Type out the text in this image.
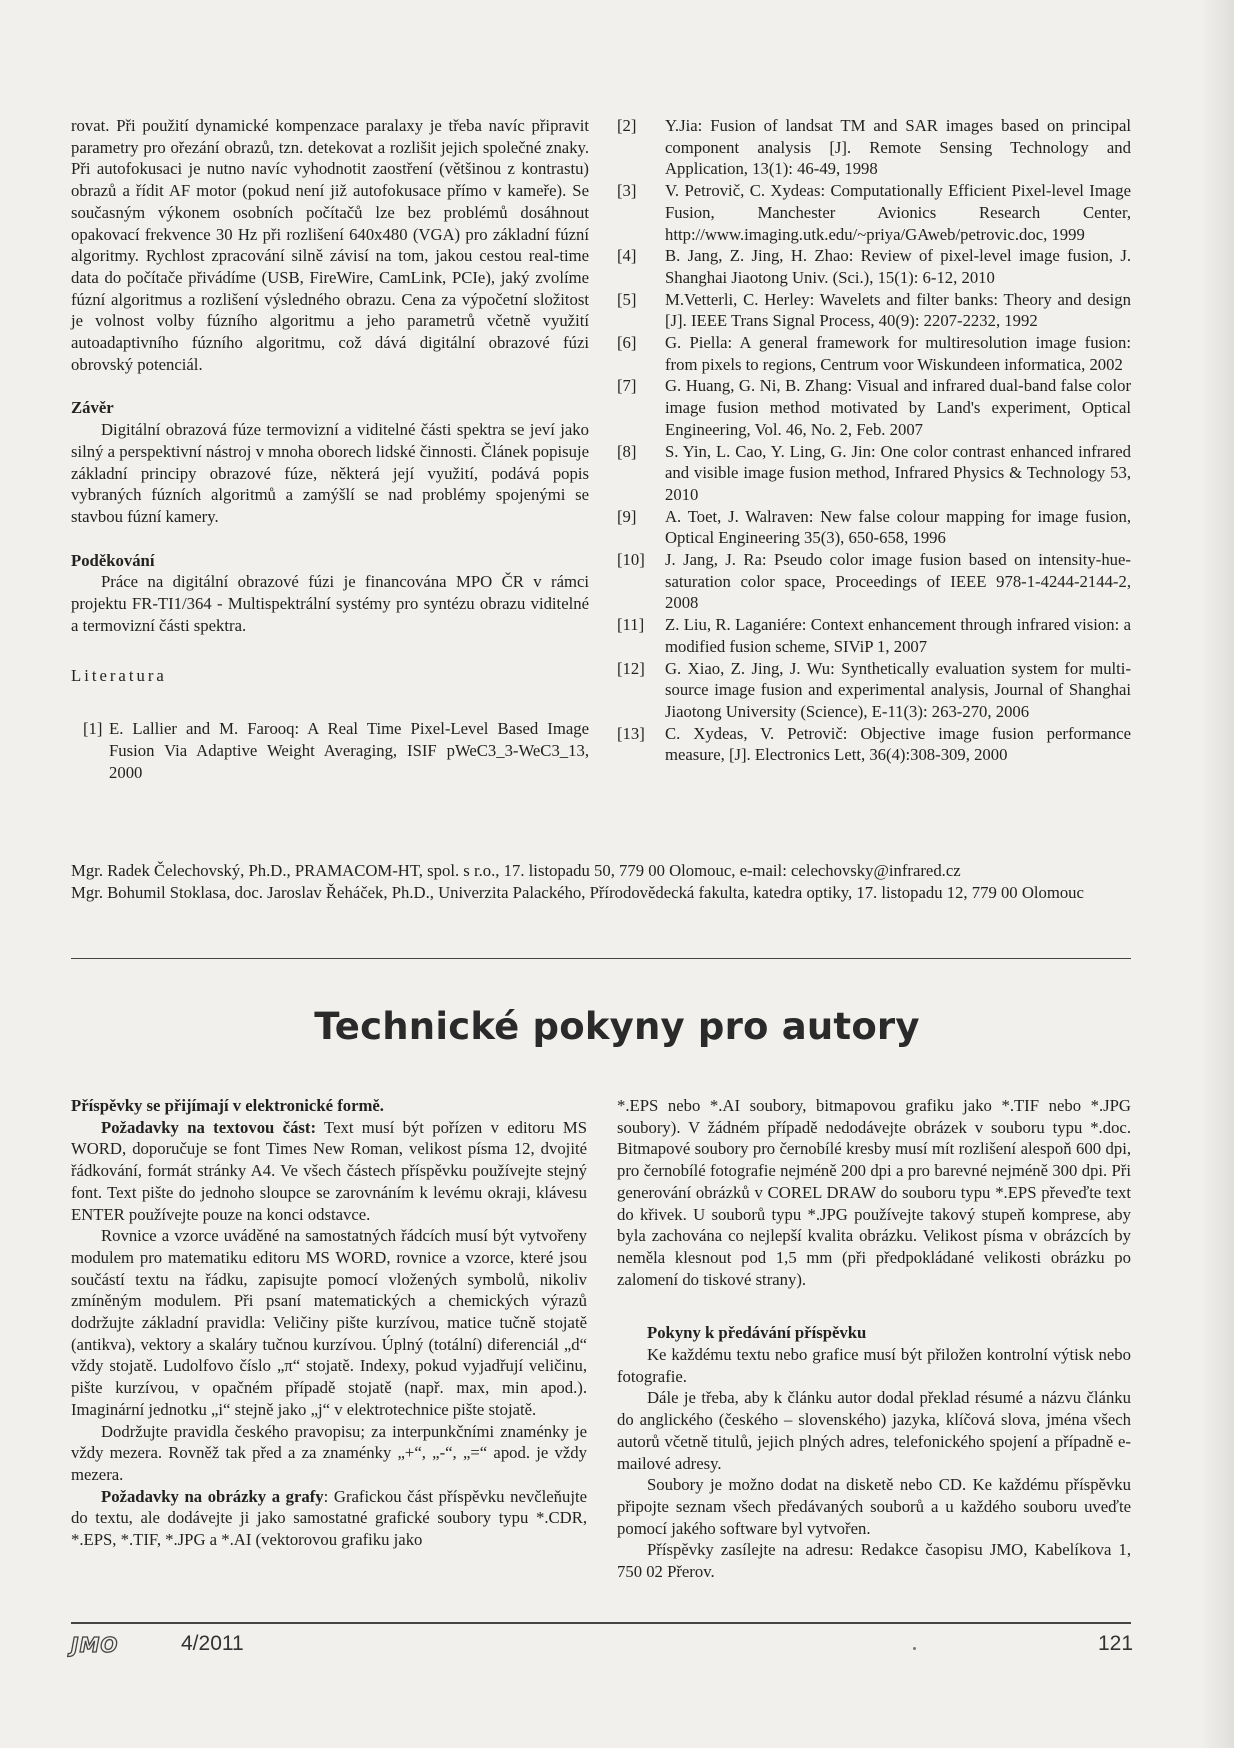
rovat. Při použití dynamické kompenzace paralaxy je třeba navíc připravit parametry pro ořezání obrazů, tzn. detekovat a rozlišit jejich společné znaky. Při autofokusaci je nutno navíc vyhodnotit zaostření (většinou z kontrastu) obrazů a řídit AF motor (pokud není již autofokusace přímo v kameře). Se současným výkonem osobních počítačů lze bez problémů dosáhnout opakovací frekvence 30 Hz při rozlišení 640x480 (VGA) pro základní fúzní algoritmy. Rychlost zpracování silně závisí na tom, jakou cestou real-time data do počítače přivádíme (USB, FireWire, CamLink, PCIe), jaký zvolíme fúzní algoritmus a rozlišení výsledného obrazu. Cena za výpočetní složitost je volnost volby fúzního algoritmu a jeho parametrů včetně využití autoadaptivního fúzního algoritmu, což dává digitální obrazové fúzi obrovský potenciál.

Závěr

Digitální obrazová fúze termovizní a viditelné části spektra se jeví jako silný a perspektivní nástroj v mnoha oborech lidské činnosti. Článek popisuje základní principy obrazové fúze, některá její využití, podává popis vybraných fúzních algoritmů a zamýšlí se nad problémy spojenými se stavbou fúzní kamery.

Poděkování

Práce na digitální obrazové fúzi je financována MPO ČR v rámci projektu FR-TI1/364 - Multispektrální systémy pro syntézu obrazu viditelné a termovizní části spektra.

Literatura

[1] E. Lallier and M. Farooq: A Real Time Pixel-Level Based Image Fusion Via Adaptive Weight Averaging, ISIF pWeC3_3-WeC3_13, 2000
[2]	Y.Jia: Fusion of landsat TM and SAR images based on principal component analysis [J]. Remote Sensing Technology and Application, 13(1): 46-49, 1998
[3]	V. Petrovič, C. Xydeas: Computationally Efficient Pixel-level Image Fusion, Manchester Avionics Research Center, http://www.imaging.utk.edu/~priya/GAweb/petrovic.doc, 1999
[4]	B. Jang, Z. Jing, H. Zhao: Review of pixel-level image fusion, J. Shanghai Jiaotong Univ. (Sci.), 15(1): 6-12, 2010
[5]	M.Vetterli, C. Herley: Wavelets and filter banks: Theory and design [J]. IEEE Trans Signal Process, 40(9): 2207-2232, 1992
[6]	G. Piella: A general framework for multiresolution image fusion: from pixels to regions, Centrum voor Wiskundeen informatica, 2002
[7]	G. Huang, G. Ni, B. Zhang: Visual and infrared dual-band false color image fusion method motivated by Land's experiment, Optical Engineering, Vol. 46, No. 2, Feb. 2007
[8]	S. Yin, L. Cao, Y. Ling, G. Jin: One color contrast enhanced infrared and visible image fusion method, Infrared Physics & Technology 53, 2010
[9]	A. Toet, J. Walraven: New false colour mapping for image fusion, Optical Engineering 35(3), 650-658, 1996
[10]	J. Jang, J. Ra: Pseudo color image fusion based on intensity-hue-saturation color space, Proceedings of IEEE 978-1-4244-2144-2, 2008
[11]	Z. Liu, R. Laganiére: Context enhancement through infrared vision: a modified fusion scheme, SIViP 1, 2007
[12]	G. Xiao, Z. Jing, J. Wu: Synthetically evaluation system for multi-source image fusion and experimental analysis, Journal of Shanghai Jiaotong University (Science), E-11(3): 263-270, 2006
[13]	C. Xydeas, V. Petrovič: Objective image fusion performance measure, [J]. Electronics Lett, 36(4):308-309, 2000

Mgr. Radek Čelechovský, Ph.D., PRAMACOM-HT, spol. s r.o., 17. listopadu 50, 779 00 Olomouc, e-mail: celechovsky@infrared.cz

Mgr. Bohumil Stoklasa, doc. Jaroslav Řeháček, Ph.D., Univerzita Palackého, Přírodovědecká fakulta, katedra optiky, 17. listopadu 12, 779 00 Olomouc

Technické pokyny pro autory

Příspěvky se přijímají v elektronické formě.

Požadavky na textovou část: Text musí být pořízen v editoru MS WORD, doporučuje se font Times New Roman, velikost písma 12, dvojité řádkování, formát stránky A4. Ve všech částech příspěvku používejte stejný font. Text pište do jednoho sloupce se zarovnáním k levému okraji, klávesu ENTER používejte pouze na konci odstavce.

Rovnice a vzorce uváděné na samostatných řádcích musí být vytvořeny modulem pro matematiku editoru MS WORD, rovnice a vzorce, které jsou součástí textu na řádku, zapisujte pomocí vložených symbolů, nikoliv zmíněným modulem. Při psaní matematických a chemických výrazů dodržujte základní pravidla: Veličiny pište kurzívou, matice tučně stojatě (antikva), vektory a skaláry tučnou kurzívou. Úplný (totální) diferenciál „d“ vždy stojatě. Ludolfovo číslo „π“ stojatě. Indexy, pokud vyjadřují veličinu, pište kurzívou, v opačném případě stojatě (např. max, min apod.). Imaginární jednotku „i“ stejně jako „j“ v elektrotechnice pište stojatě.

Dodržujte pravidla českého pravopisu; za interpunkčními znaménky je vždy mezera. Rovněž tak před a za znaménky „+“, „-“, „=“ apod. je vždy mezera.

Požadavky na obrázky a grafy: Grafickou část příspěvku nevčleňujte do textu, ale dodávejte ji jako samostatné grafické soubory typu *.CDR, *.EPS, *.TIF, *.JPG a *.AI (vektorovou grafiku jako

*.EPS nebo *.AI soubory, bitmapovou grafiku jako *.TIF nebo *.JPG soubory). V žádném případě nedodávejte obrázek v souboru typu *.doc. Bitmapové soubory pro černobílé kresby musí mít rozlišení alespoň 600 dpi, pro černobílé fotografie nejméně 200 dpi a pro barevné nejméně 300 dpi. Při generování obrázků v COREL DRAW do souboru typu *.EPS převeďte text do křivek. U souborů typu *.JPG používejte takový stupeň komprese, aby byla zachována co nejlepší kvalita obrázku. Velikost písma v obrázcích by neměla klesnout pod 1,5 mm (při předpokládané velikosti obrázku po zalomení do tiskové strany).

Pokyny k předávání příspěvku

Ke každému textu nebo grafice musí být přiložen kontrolní výtisk nebo fotografie.

Dále je třeba, aby k článku autor dodal překlad résumé a názvu článku do anglického (českého – slovenského) jazyka, klíčová slova, jména všech autorů včetně titulů, jejich plných adres, telefonického spojení a případně e-mailové adresy.

Soubory je možno dodat na disketě nebo CD. Ke každému příspěvku připojte seznam všech předávaných souborů a u každého souboru uveďte pomocí jakého software byl vytvořen.

Příspěvky zasílejte na adresu: Redakce časopisu JMO, Kabelíkova 1, 750 02 Přerov.

JMO	4/2011	121
